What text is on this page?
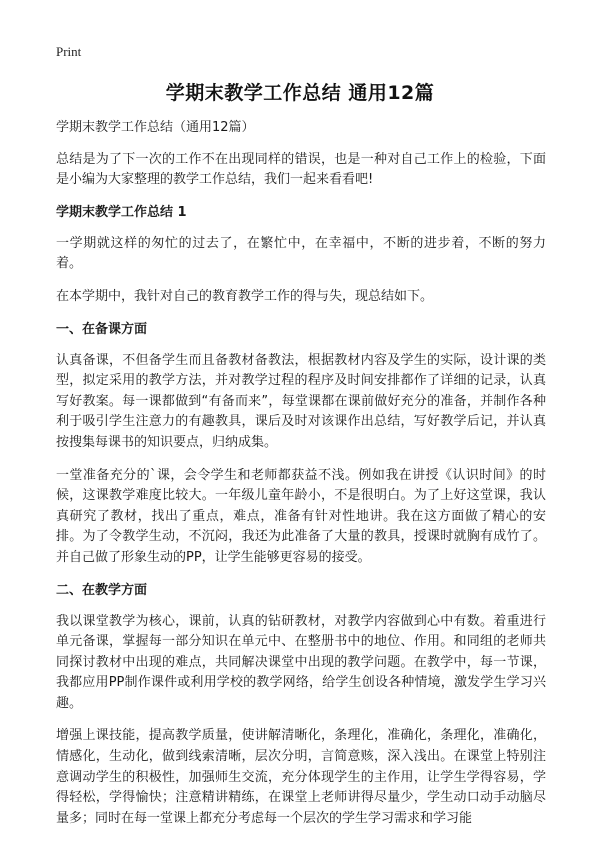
Print
学期末教学工作总结 通用12篇

学期末教学工作总结（通用12篇）

总结是为了下一次的工作不在出现同样的错误，也是一种对自己工作上的检验，下面是小编为大家整理的教学工作总结，我们一起来看看吧!

学期末教学工作总结 1

一学期就这样的匆忙的过去了，在繁忙中，在幸福中，不断的进步着，不断的努力着。

在本学期中，我针对自己的教育教学工作的得与失，现总结如下。

一、在备课方面

认真备课，不但备学生而且备教材备教法，根据教材内容及学生的实际，设计课的类型，拟定采用的教学方法，并对教学过程的程序及时间安排都作了详细的记录，认真写好教案。每一课都做到“有备而来”，每堂课都在课前做好充分的准备，并制作各种利于吸引学生注意力的有趣教具，课后及时对该课作出总结，写好教学后记，并认真按搜集每课书的知识要点，归纳成集。

一堂准备充分的`课，会令学生和老师都获益不浅。例如我在讲授《认识时间》的时候，这课教学难度比较大。一年级儿童年龄小，不是很明白。为了上好这堂课，我认真研究了教材，找出了重点，难点，准备有针对性地讲。我在这方面做了精心的安排。为了令教学生动，不沉闷，我还为此准备了大量的教具，授课时就胸有成竹了。并自己做了形象生动的PP，让学生能够更容易的接受。

二、在教学方面

我以课堂教学为核心，课前，认真的钻研教材，对教学内容做到心中有数。着重进行单元备课，掌握每一部分知识在单元中、在整册书中的地位、作用。和同组的老师共同探讨教材中出现的难点，共同解决课堂中出现的教学问题。在教学中，每一节课，我都应用PP制作课件或利用学校的教学网络，给学生创设各种情境，激发学生学习兴趣。

增强上课技能，提高教学质量，使讲解清晰化，条理化，准确化，条理化，准确化，情感化，生动化，做到线索清晰，层次分明，言简意赅，深入浅出。在课堂上特别注意调动学生的积极性，加强师生交流，充分体现学生的主作用，让学生学得容易，学得轻松，学得愉快；注意精讲精练，在课堂上老师讲得尽量少，学生动口动手动脑尽量多；同时在每一堂课上都充分考虑每一个层次的学生学习需求和学习能
